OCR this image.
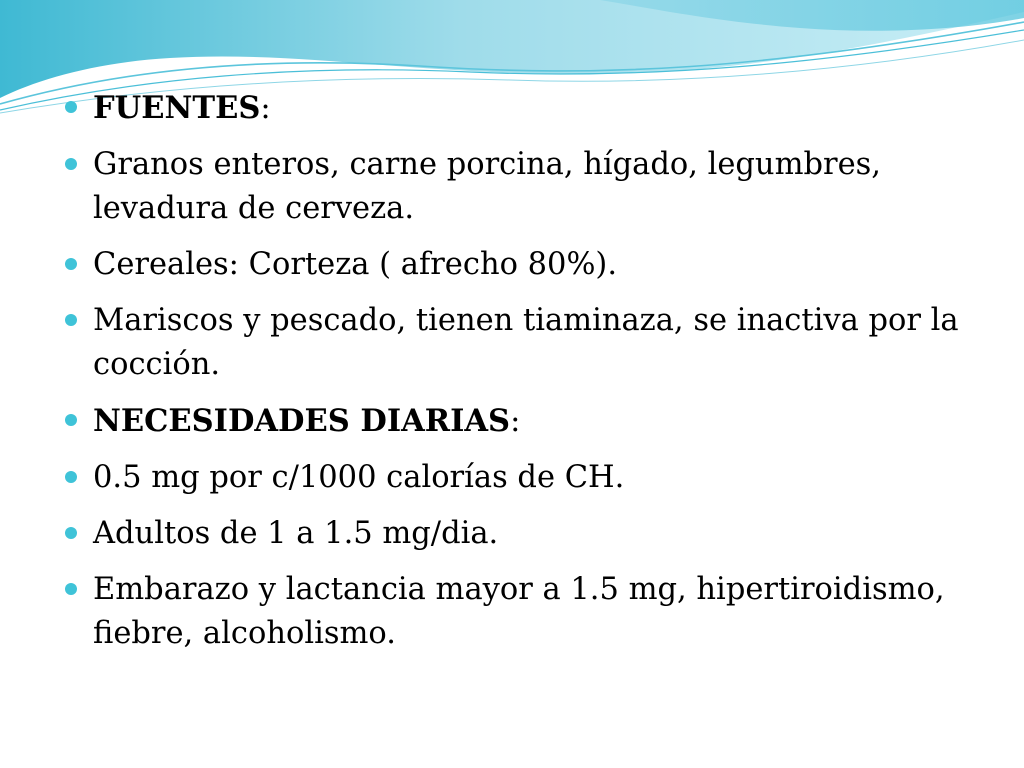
FUENTES:
Granos enteros, carne porcina, hígado, legumbres, levadura de cerveza.
Cereales: Corteza ( afrecho 80%).
Mariscos y pescado, tienen tiaminaza, se inactiva por la cocción.
NECESIDADES DIARIAS:
0.5 mg por c/1000 calorías de CH.
Adultos de 1 a 1.5 mg/dia.
Embarazo y lactancia mayor a 1.5 mg, hipertiroidismo, fiebre, alcoholismo.
